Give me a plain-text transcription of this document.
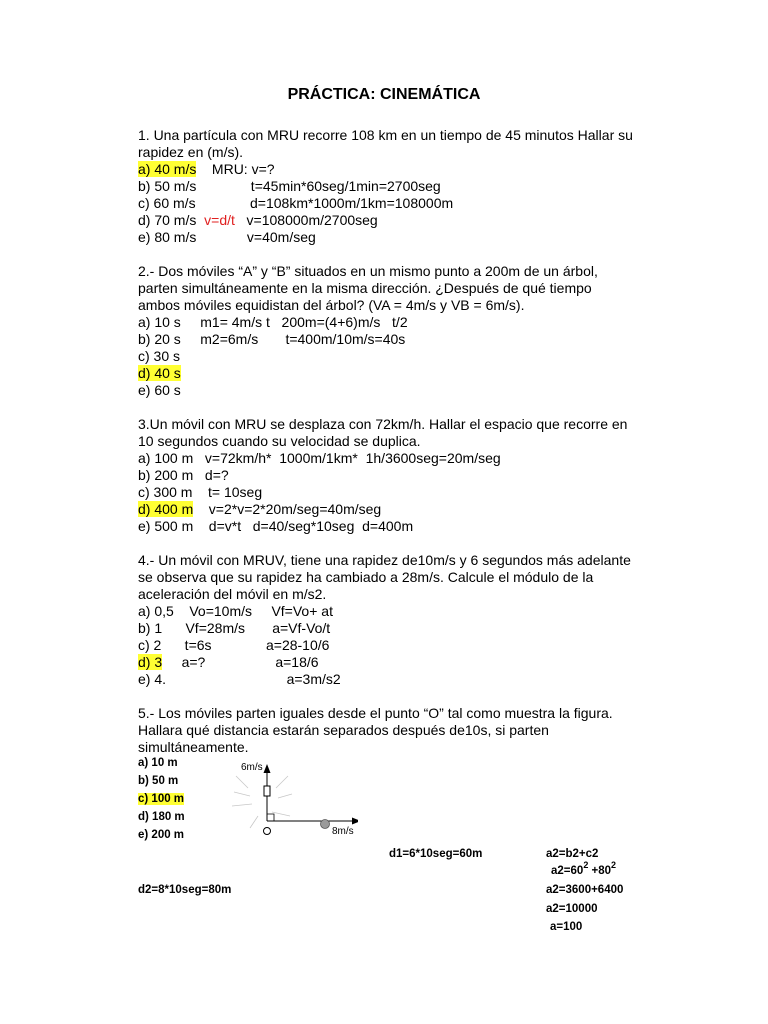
PRÁCTICA: CINEMÁTICA
1. Una partícula con MRU recorre 108 km en un tiempo de 45 minutos Hallar su
rapidez en (m/s).
a) 40 m/s    MRU: v=?
b) 50 m/s              t=45min*60seg/1min=2700seg
c) 60 m/s              d=108km*1000m/1km=108000m
d) 70 m/s  v=d/t   v=108000m/2700seg
e) 80 m/s             v=40m/seg
2.- Dos móviles “A” y “B” situados en un mismo punto a 200m de un árbol,
parten simultáneamente en la misma dirección. ¿Después de qué tiempo
ambos móviles equidistan del árbol? (VA = 4m/s y VB = 6m/s).
a) 10 s     m1= 4m/s t   200m=(4+6)m/s   t/2
b) 20 s     m2=6m/s       t=400m/10m/s=40s
c) 30 s
d) 40 s
e) 60 s
3.Un móvil con MRU se desplaza con 72km/h. Hallar el espacio que recorre en
10 segundos cuando su velocidad se duplica.
a) 100 m   v=72km/h*  1000m/1km*  1h/3600seg=20m/seg
b) 200 m   d=?
c) 300 m    t= 10seg
d) 400 m    v=2*v=2*20m/seg=40m/seg
e) 500 m    d=v*t   d=40/seg*10seg  d=400m
4.- Un móvil con MRUV, tiene una rapidez de10m/s y 6 segundos más adelante
se observa que su rapidez ha cambiado a 28m/s. Calcule el módulo de la
aceleración del móvil en m/s2.
a) 0,5    Vo=10m/s     Vf=Vo+ at
b) 1      Vf=28m/s       a=Vf-Vo/t
c) 2      t=6s              a=28-10/6
d) 3     a=?                  a=18/6
e) 4.                               a=3m/s2
5.- Los móviles parten iguales desde el punto “O” tal como muestra la figura.
Hallara qué distancia estarán separados después de10s, si parten
simultáneamente.
a) 10 m
b) 50 m
c) 100 m
d) 180 m
e) 200 m
6m/s
8m/s
d1=6*10seg=60m	a2=b2+c2
$a2=60^2 +80^2$
d2=8*10seg=80m	a2=3600+6400
a2=10000
a=100
